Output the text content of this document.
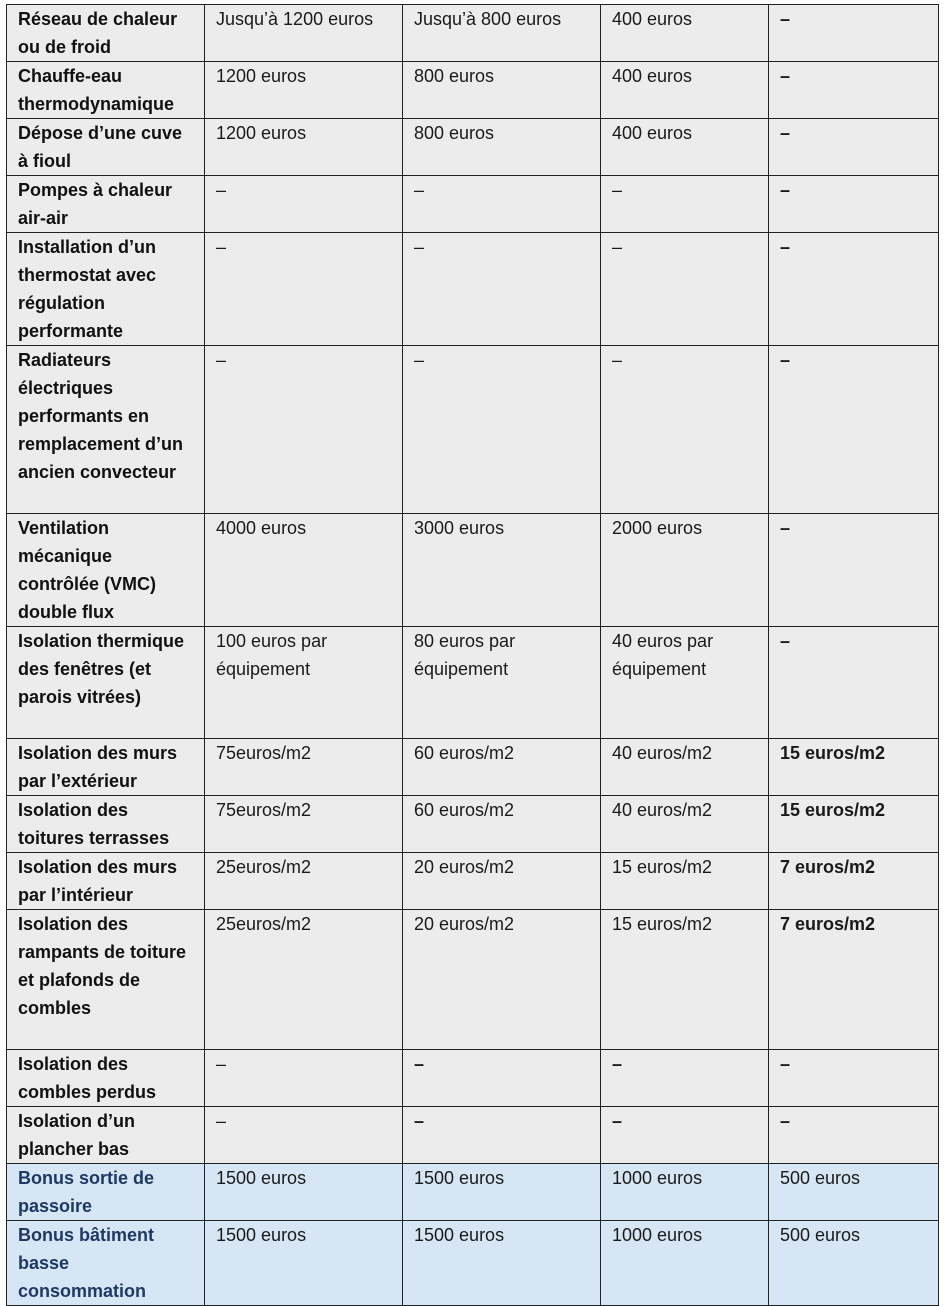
Réseau de chaleur ou de froid	Jusqu’à 1200 euros	Jusqu’à 800 euros	400 euros	–
Chauffe-eau thermodynamique	1200 euros	800 euros	400 euros	–
Dépose d’une cuve à fioul	1200 euros	800 euros	400 euros	–
Pompes à chaleur air-air	–	–	–	–
Installation d’un thermostat avec régulation performante	–	–	–	–
Radiateurs électriques performants en remplacement d’un ancien convecteur	–	–	–	–
Ventilation mécanique contrôlée (VMC) double flux	4000 euros	3000 euros	2000 euros	–
Isolation thermique des fenêtres (et parois vitrées)	100 euros par équipement	80 euros par équipement	40 euros par équipement	–
Isolation des murs par l’extérieur	75euros/m2	60 euros/m2	40 euros/m2	15 euros/m2
Isolation des toitures terrasses	75euros/m2	60 euros/m2	40 euros/m2	15 euros/m2
Isolation des murs par l’intérieur	25euros/m2	20 euros/m2	15 euros/m2	7 euros/m2
Isolation des rampants de toiture et plafonds de combles	25euros/m2	20 euros/m2	15 euros/m2	7 euros/m2
Isolation des combles perdus	–	–	–	–
Isolation d’un plancher bas	–	–	–	–
Bonus sortie de passoire	1500 euros	1500 euros	1000 euros	500 euros
Bonus bâtiment basse consommation	1500 euros	1500 euros	1000 euros	500 euros
